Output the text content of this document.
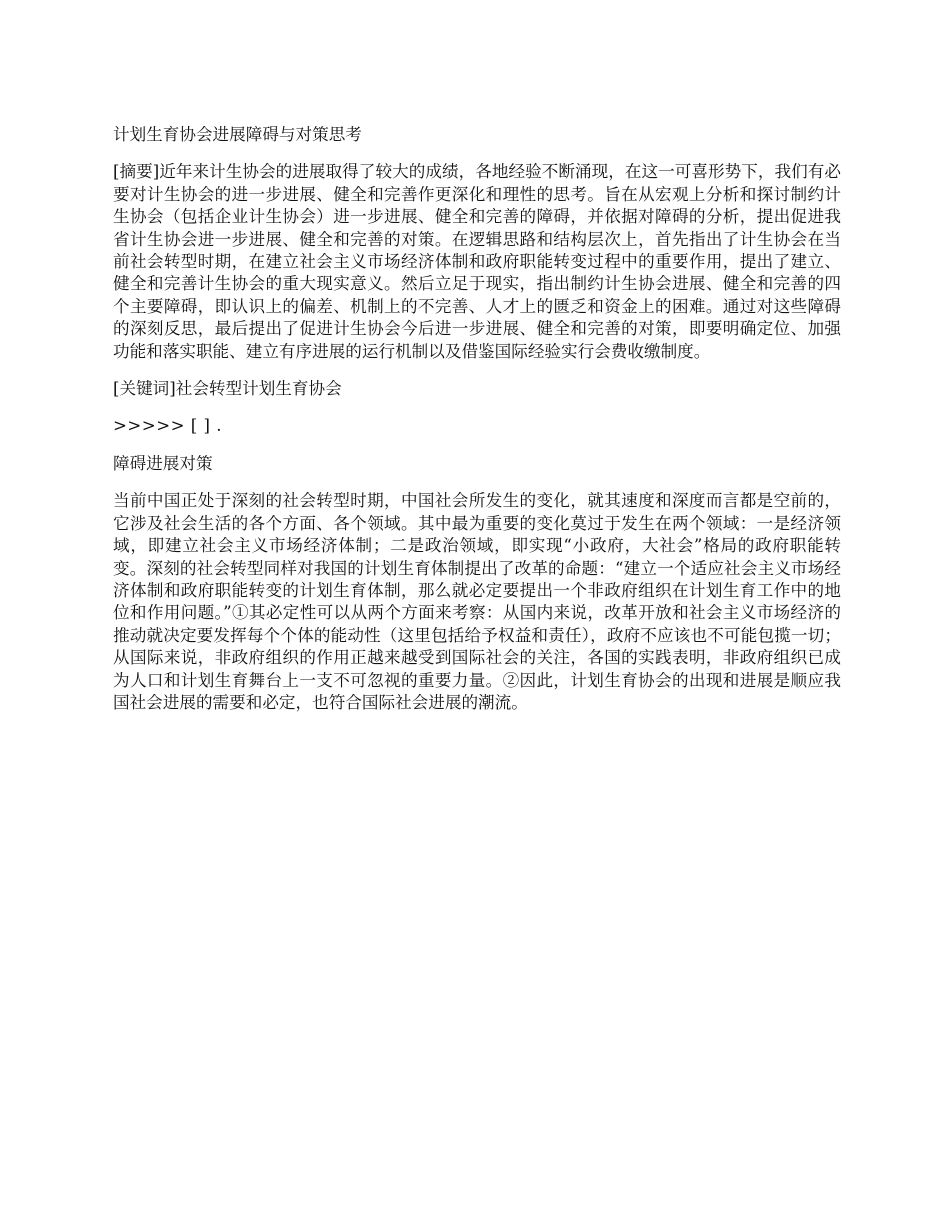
计划生育协会进展障碍与对策思考

[摘要]近年来计生协会的进展取得了较大的成绩，各地经验不断涌现，在这一可喜形势下，我们有必要对计生协会的进一步进展、健全和完善作更深化和理性的思考。旨在从宏观上分析和探讨制约计生协会（包括企业计生协会）进一步进展、健全和完善的障碍，并依据对障碍的分析，提出促进我省计生协会进一步进展、健全和完善的对策。在逻辑思路和结构层次上，首先指出了计生协会在当前社会转型时期，在建立社会主义市场经济体制和政府职能转变过程中的重要作用，提出了建立、健全和完善计生协会的重大现实意义。然后立足于现实，指出制约计生协会进展、健全和完善的四个主要障碍，即认识上的偏差、机制上的不完善、人才上的匮乏和资金上的困难。通过对这些障碍的深刻反思，最后提出了促进计生协会今后进一步进展、健全和完善的对策，即要明确定位、加强功能和落实职能、建立有序进展的运行机制以及借鉴国际经验实行会费收缴制度。

[关键词]社会转型计划生育协会

>>>>> [ ] .

障碍进展对策

当前中国正处于深刻的社会转型时期，中国社会所发生的变化，就其速度和深度而言都是空前的，它涉及社会生活的各个方面、各个领域。其中最为重要的变化莫过于发生在两个领域：一是经济领域，即建立社会主义市场经济体制；二是政治领域，即实现“小政府，大社会”格局的政府职能转变。深刻的社会转型同样对我国的计划生育体制提出了改革的命题：“建立一个适应社会主义市场经济体制和政府职能转变的计划生育体制，那么就必定要提出一个非政府组织在计划生育工作中的地位和作用问题。”①其必定性可以从两个方面来考察：从国内来说，改革开放和社会主义市场经济的推动就决定要发挥每个个体的能动性（这里包括给予权益和责任），政府不应该也不可能包揽一切；从国际来说，非政府组织的作用正越来越受到国际社会的关注，各国的实践表明，非政府组织已成为人口和计划生育舞台上一支不可忽视的重要力量。②因此，计划生育协会的出现和进展是顺应我国社会进展的需要和必定，也符合国际社会进展的潮流。
